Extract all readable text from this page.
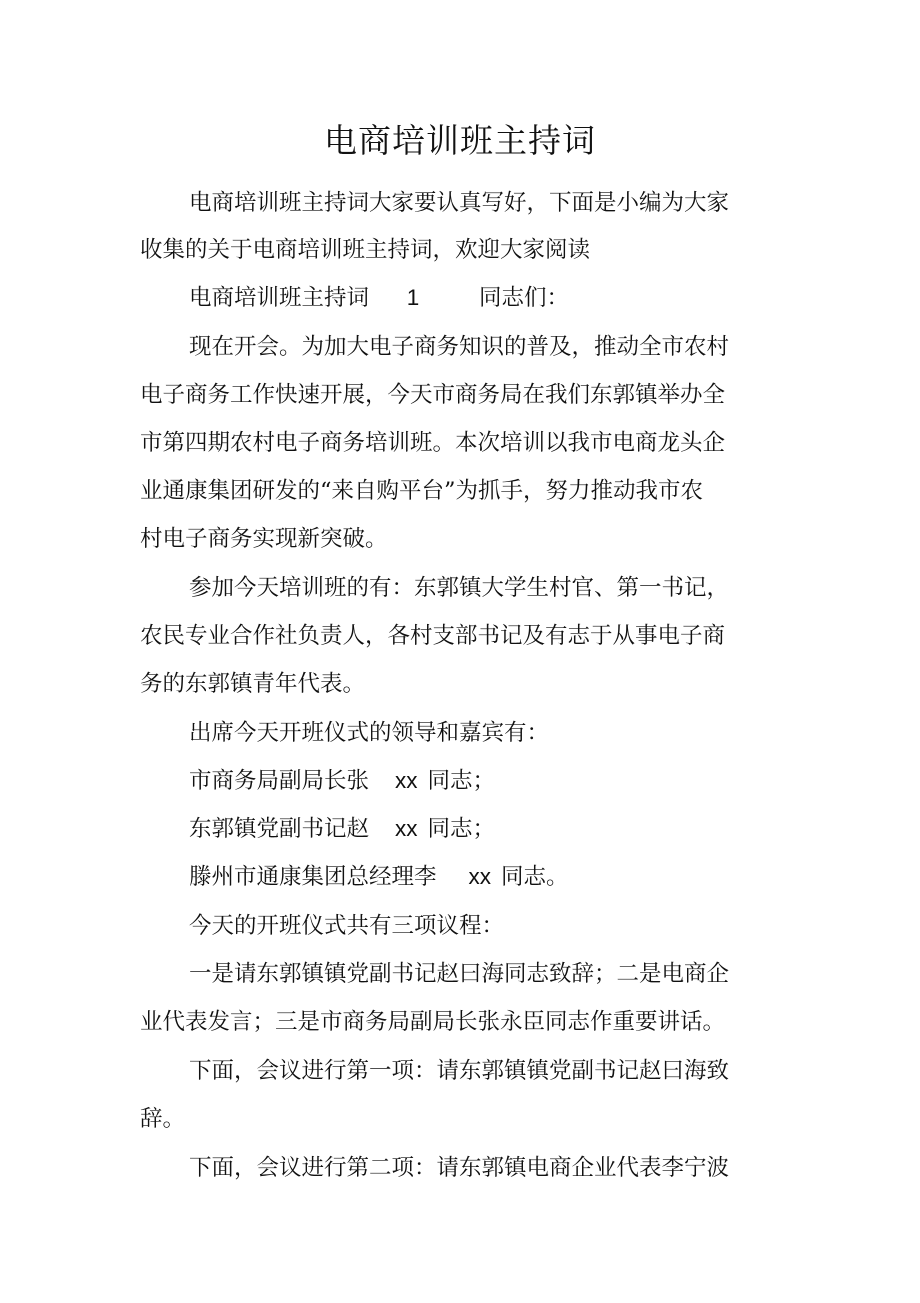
电商培训班主持词
电商培训班主持词大家要认真写好，下面是小编为大家
收集的关于电商培训班主持词，欢迎大家阅读
电商培训班主持词 1	同志们：
现在开会。为加大电子商务知识的普及，推动全市农村
电子商务工作快速开展，今天市商务局在我们东郭镇举办全
市第四期农村电子商务培训班。本次培训以我市电商龙头企
业通康集团研发的“来自购平台”为抓手，努力推动我市农
村电子商务实现新突破。
参加今天培训班的有：东郭镇大学生村官、第一书记，
农民专业合作社负责人，各村支部书记及有志于从事电子商
务的东郭镇青年代表。
出席今天开班仪式的领导和嘉宾有：
市商务局副局长张 xx 同志；
东郭镇党副书记赵 xx 同志；
滕州市通康集团总经理李 xx 同志。
今天的开班仪式共有三项议程：
一是请东郭镇镇党副书记赵曰海同志致辞；二是电商企
业代表发言；三是市商务局副局长张永臣同志作重要讲话。
下面，会议进行第一项：请东郭镇镇党副书记赵曰海致
辞。
下面，会议进行第二项：请东郭镇电商企业代表李宁波
